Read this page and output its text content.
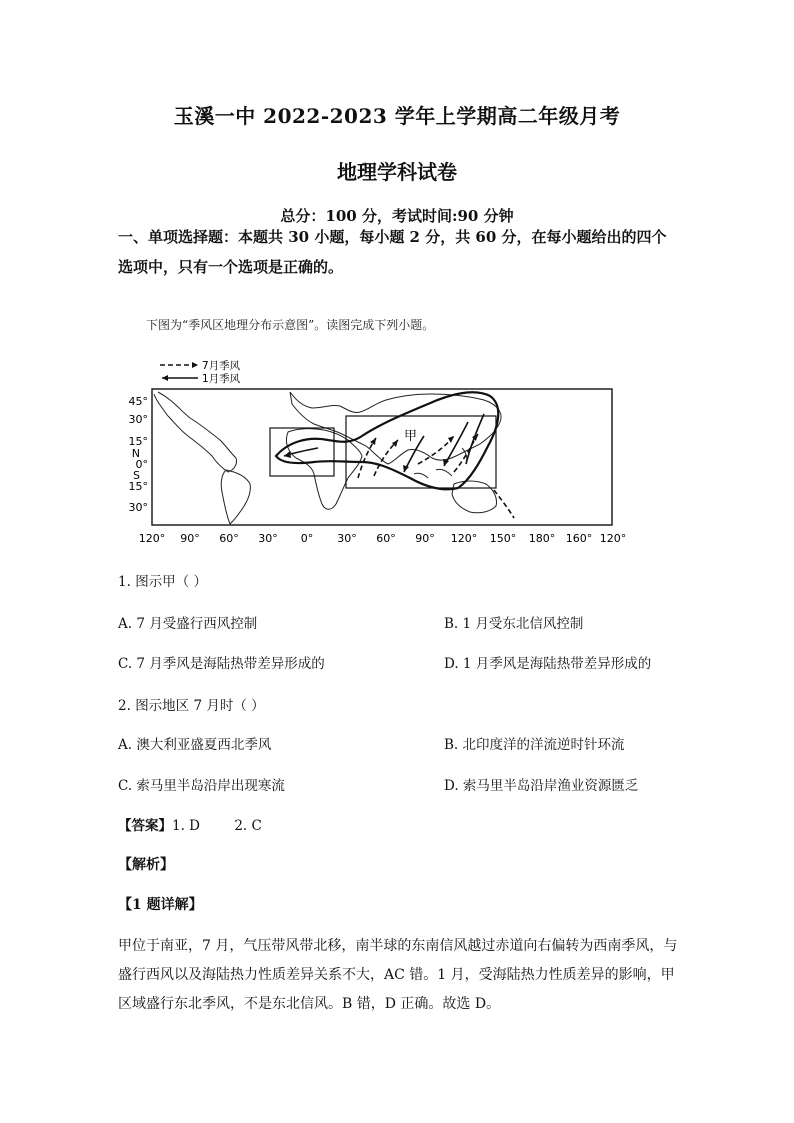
玉溪一中 2022-2023 学年上学期高二年级月考
地理学科试卷
总分：100 分，考试时间:90 分钟
一、单项选择题：本题共 30 小题，每小题 2 分，共 60 分，在每小题给出的四个选项中，只有一个选项是正确的。
下图为“季风区地理分布示意图”。读图完成下列小题。
7月季风
1月季风
45°
30°
15°
N
0°
S
15°
30°
120° 90° 60° 30° 0° 30° 60° 90° 120° 150° 180° 160° 120°
甲
1. 图示甲（ ）
A. 7 月受盛行西风控制	B. 1 月受东北信风控制
C. 7 月季风是海陆热带差异形成的	D. 1 月季风是海陆热带差异形成的
2. 图示地区 7 月时（ ）
A. 澳大利亚盛夏西北季风	B. 北印度洋的洋流逆时针环流
C. 索马里半岛沿岸出现寒流	D. 索马里半岛沿岸渔业资源匮乏
【答案】1. D        2. C
【解析】
【1 题详解】
甲位于南亚，7 月，气压带风带北移，南半球的东南信风越过赤道向右偏转为西南季风，与盛行西风以及海陆热力性质差异关系不大，AC 错。1 月，受海陆热力性质差异的影响，甲区域盛行东北季风，不是东北信风。B 错，D 正确。故选 D。
